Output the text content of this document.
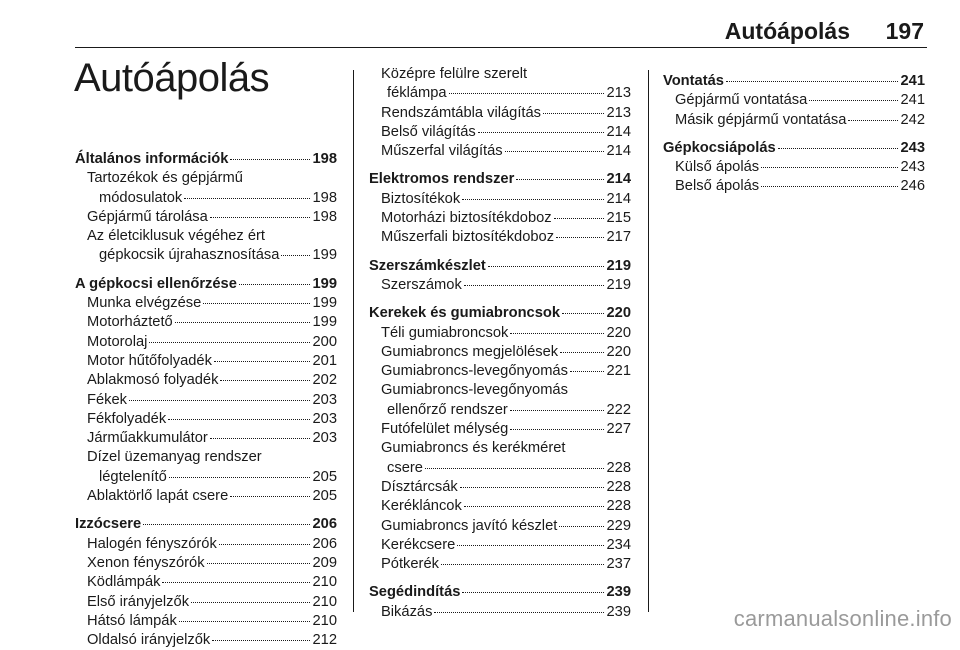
Autóápolás	197
Autóápolás
Általános információk	198
Tartozékok és gépjármű
módosulatok	198
Gépjármű tárolása	198
Az életciklusuk végéhez ért
gépkocsik újrahasznosítása 199
A gépkocsi ellenőrzése	199
Munka elvégzése	199
Motorháztető	199
Motorolaj	200
Motor hűtőfolyadék	201
Ablakmosó folyadék	202
Fékek	203
Fékfolyadék	203
Járműakkumulátor	203
Dízel üzemanyag rendszer
légtelenítő	205
Ablaktörlő lapát csere	205
Izzócsere	206
Halogén fényszórók	206
Xenon fényszórók	209
Ködlámpák	210
Első irányjelzők	210
Hátsó lámpák	210
Oldalsó irányjelzők	212
Középre felülre szerelt
féklámpa	213
Rendszámtábla világítás	213
Belső világítás	214
Műszerfal világítás	214
Elektromos rendszer	214
Biztosítékok	214
Motorházi biztosítékdoboz	215
Műszerfali biztosítékdoboz	217
Szerszámkészlet	219
Szerszámok	219
Kerekek és gumiabroncsok	220
Téli gumiabroncsok	220
Gumiabroncs megjelölések	220
Gumiabroncs-levegőnyomás	221
Gumiabroncs-levegőnyomás
ellenőrző rendszer	222
Futófelület mélység	227
Gumiabroncs és kerékméret
csere	228
Dísztárcsák	228
Kerékláncok	228
Gumiabroncs javító készlet	229
Kerékcsere	234
Pótkerék	237
Segédindítás	239
Bikázás	239
Vontatás	241
Gépjármű vontatása	241
Másik gépjármű vontatása	242
Gépkocsiápolás	243
Külső ápolás	243
Belső ápolás	246
carmanualsonline.info
